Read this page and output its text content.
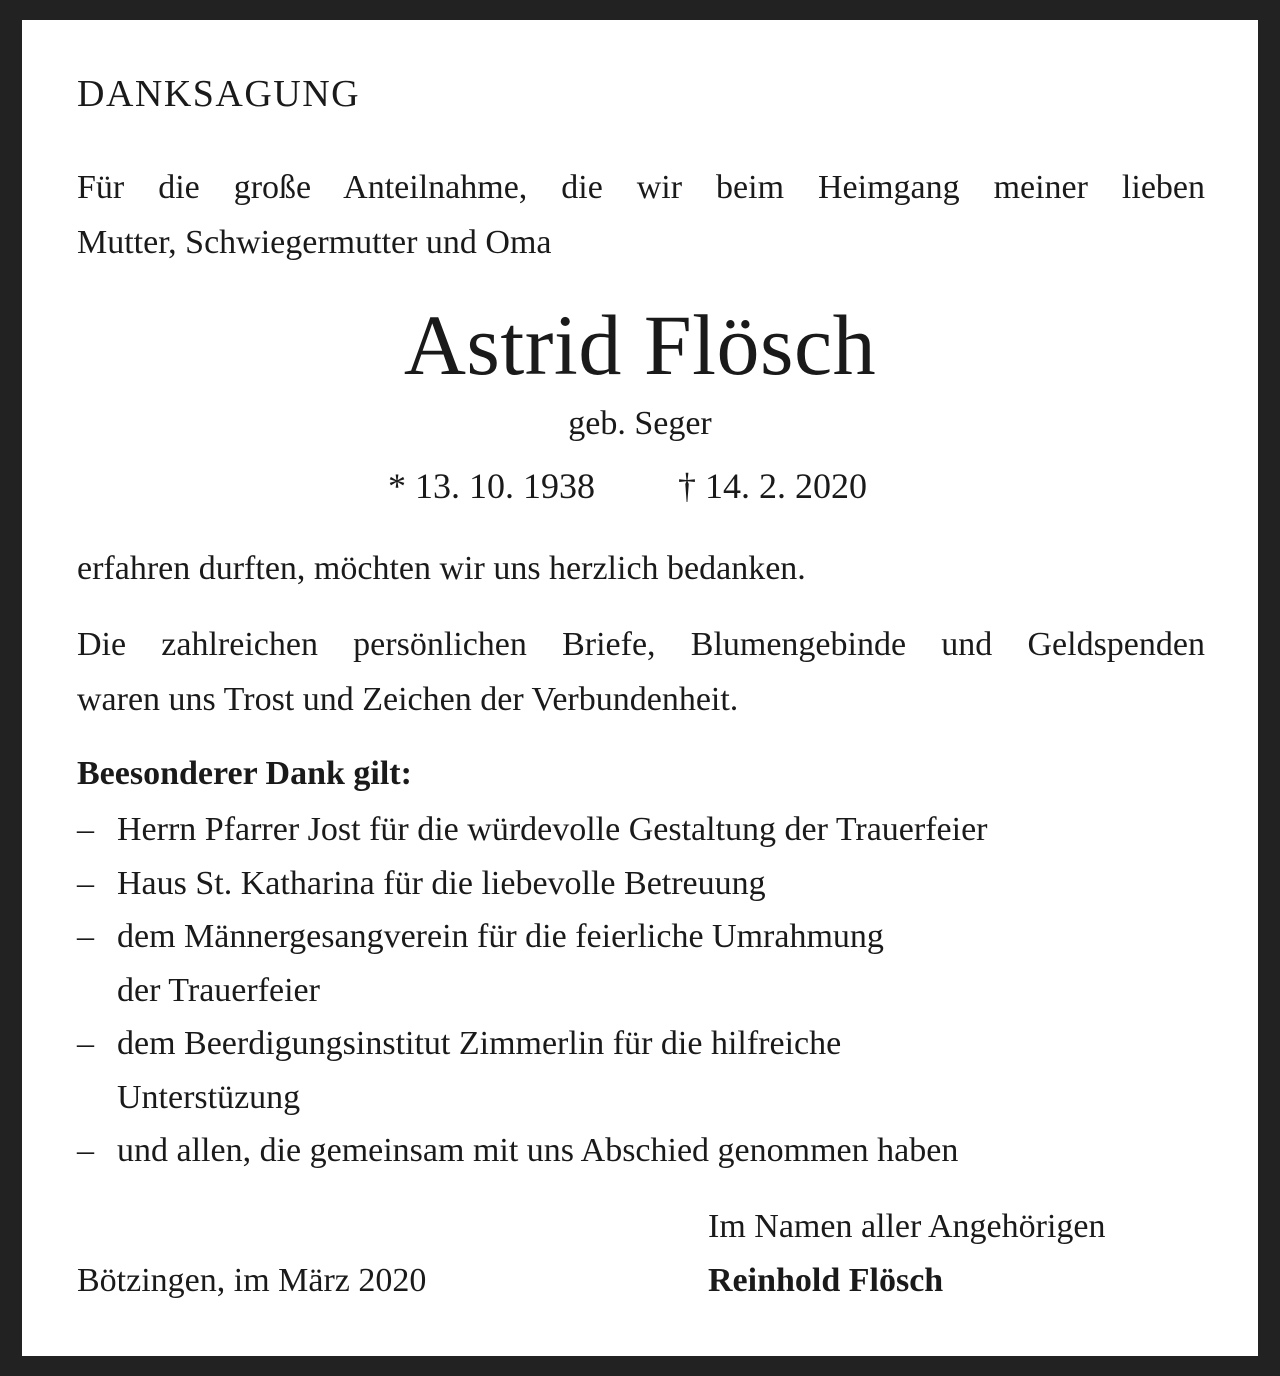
DANKSAGUNG
Für die große Anteilnahme, die wir beim Heimgang meiner lieben
Mutter, Schwiegermutter und Oma
Astrid Flösch
geb. Seger
* 13. 10. 1938 † 14. 2. 2020
erfahren durften, möchten wir uns herzlich bedanken.
Die zahlreichen persönlichen Briefe, Blumengebinde und Geldspenden
waren uns Trost und Zeichen der Verbundenheit.
Beesonderer Dank gilt:
– Herrn Pfarrer Jost für die würdevolle Gestaltung der Trauerfeier
– Haus St. Katharina für die liebevolle Betreuung
– dem Männergesangverein für die feierliche Umrahmung
der Trauerfeier
– dem Beerdigungsinstitut Zimmerlin für die hilfreiche
Unterstüzung
– und allen, die gemeinsam mit uns Abschied genommen haben
Im Namen aller Angehörigen
Bötzingen, im März 2020	Reinhold Flösch
